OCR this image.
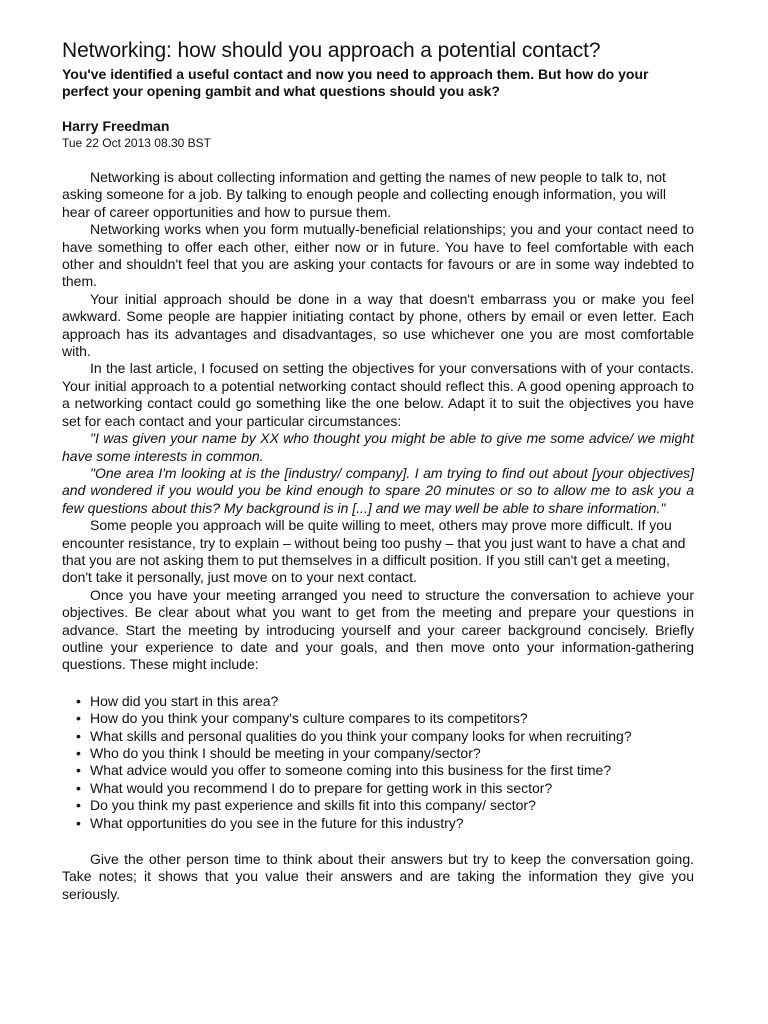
Networking: how should you approach a potential contact?

You've identified a useful contact and now you need to approach them. But how do your perfect your opening gambit and what questions should you ask?

Harry Freedman

Tue 22 Oct 2013 08.30 BST

Networking is about collecting information and getting the names of new people to talk to, not asking someone for a job. By talking to enough people and collecting enough information, you will hear of career opportunities and how to pursue them.

Networking works when you form mutually-beneficial relationships; you and your contact need to have something to offer each other, either now or in future. You have to feel comfortable with each other and shouldn't feel that you are asking your contacts for favours or are in some way indebted to them.

Your initial approach should be done in a way that doesn't embarrass you or make you feel awkward. Some people are happier initiating contact by phone, others by email or even letter. Each approach has its advantages and disadvantages, so use whichever one you are most comfortable with.

In the last article, I focused on setting the objectives for your conversations with of your contacts. Your initial approach to a potential networking contact should reflect this. A good opening approach to a networking contact could go something like the one below. Adapt it to suit the objectives you have set for each contact and your particular circumstances:

"I was given your name by XX who thought you might be able to give me some advice/ we might have some interests in common.

"One area I'm looking at is the [industry/ company]. I am trying to find out about [your objectives] and wondered if you would you be kind enough to spare 20 minutes or so to allow me to ask you a few questions about this? My background is in [...] and we may well be able to share information."

Some people you approach will be quite willing to meet, others may prove more difficult. If you encounter resistance, try to explain – without being too pushy – that you just want to have a chat and that you are not asking them to put themselves in a difficult position. If you still can't get a meeting, don't take it personally, just move on to your next contact.

Once you have your meeting arranged you need to structure the conversation to achieve your objectives. Be clear about what you want to get from the meeting and prepare your questions in advance. Start the meeting by introducing yourself and your career background concisely. Briefly outline your experience to date and your goals, and then move onto your information-gathering questions. These might include:

• How did you start in this area?
• How do you think your company's culture compares to its competitors?
• What skills and personal qualities do you think your company looks for when recruiting?
• Who do you think I should be meeting in your company/sector?
• What advice would you offer to someone coming into this business for the first time?
• What would you recommend I do to prepare for getting work in this sector?
• Do you think my past experience and skills fit into this company/ sector?
• What opportunities do you see in the future for this industry?

Give the other person time to think about their answers but try to keep the conversation going. Take notes; it shows that you value their answers and are taking the information they give you seriously.
